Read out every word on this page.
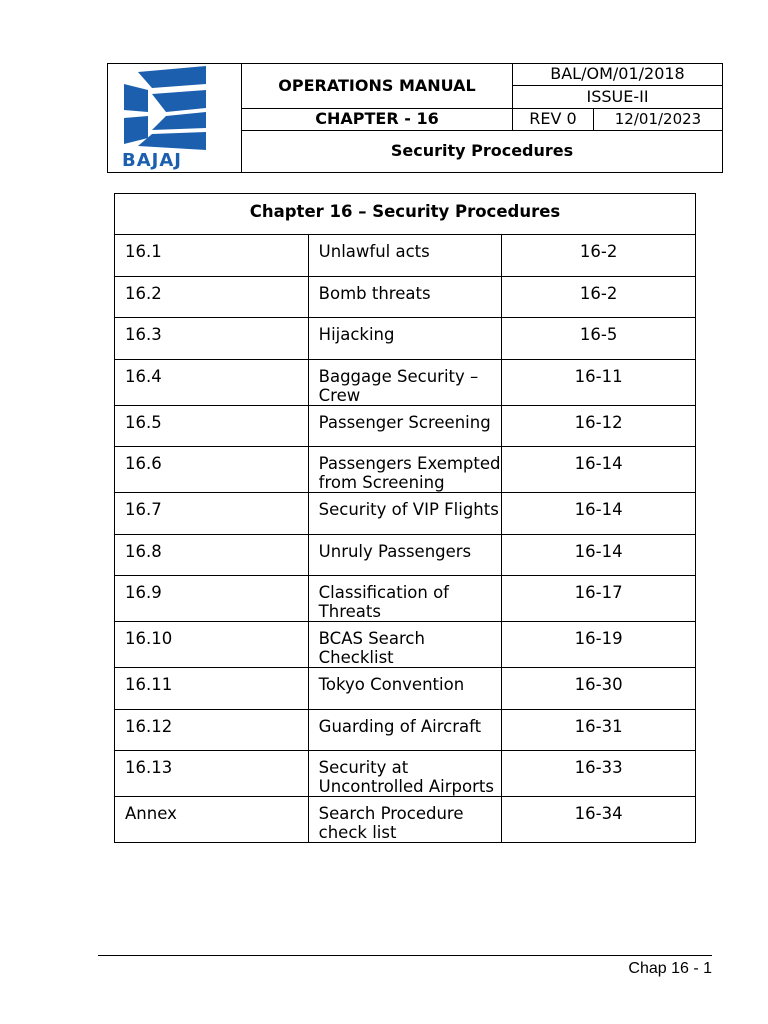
BAJAJ
OPERATIONS MANUAL
BAL/OM/01/2018
ISSUE-II
CHAPTER - 16	REV 0	12/01/2023
Security Procedures
Chapter 16 – Security Procedures		
16.1	Unlawful acts	16-2
16.2	Bomb threats	16-2
16.3	Hijacking	16-5
16.4	Baggage Security – Crew	16-11
16.5	Passenger Screening	16-12
16.6	Passengers Exempted from Screening	16-14
16.7	Security of VIP Flights	16-14
16.8	Unruly Passengers	16-14
16.9	Classification of Threats	16-17
16.10	BCAS Search Checklist	16-19
16.11	Tokyo Convention	16-30
16.12	Guarding of Aircraft	16-31
16.13	Security at Uncontrolled Airports	16-33
Annex	Search Procedure check list	16-34
Chap 16 - 1
